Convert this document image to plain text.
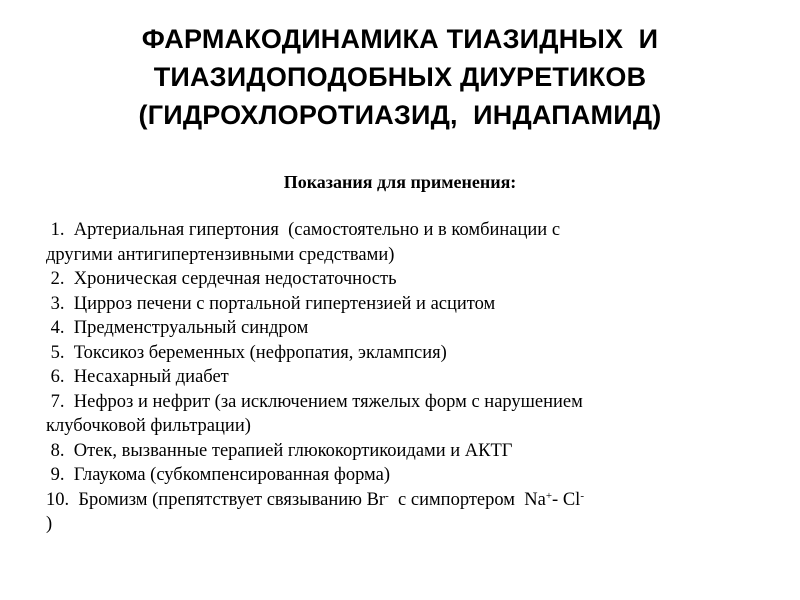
ФАРМАКОДИНАМИКА ТИАЗИДНЫХ  И
ТИАЗИДОПОДОБНЫХ ДИУРЕТИКОВ
(ГИДРОХЛОРОТИАЗИД,  ИНДАПАМИД)
Показания для применения:
1.  Артериальная гипертония  (самостоятельно и в комбинации с
другими антигипертензивными средствами)
2.  Хроническая сердечная недостаточность
3.  Цирроз печени с портальной гипертензией и асцитом
4.  Предменструальный синдром
5.  Токсикоз беременных (нефропатия, эклампсия)
6.  Несахарный диабет
7.  Нефроз и нефрит (за исключением тяжелых форм с нарушением
клубочковой фильтрации)
8.  Отек, вызванные терапией глюкокортикоидами и АКТГ
9.  Глаукома (субкомпенсированная форма)
10.  Бромизм (препятствует связыванию Br-  с симпортером  Na+- Cl-
)
